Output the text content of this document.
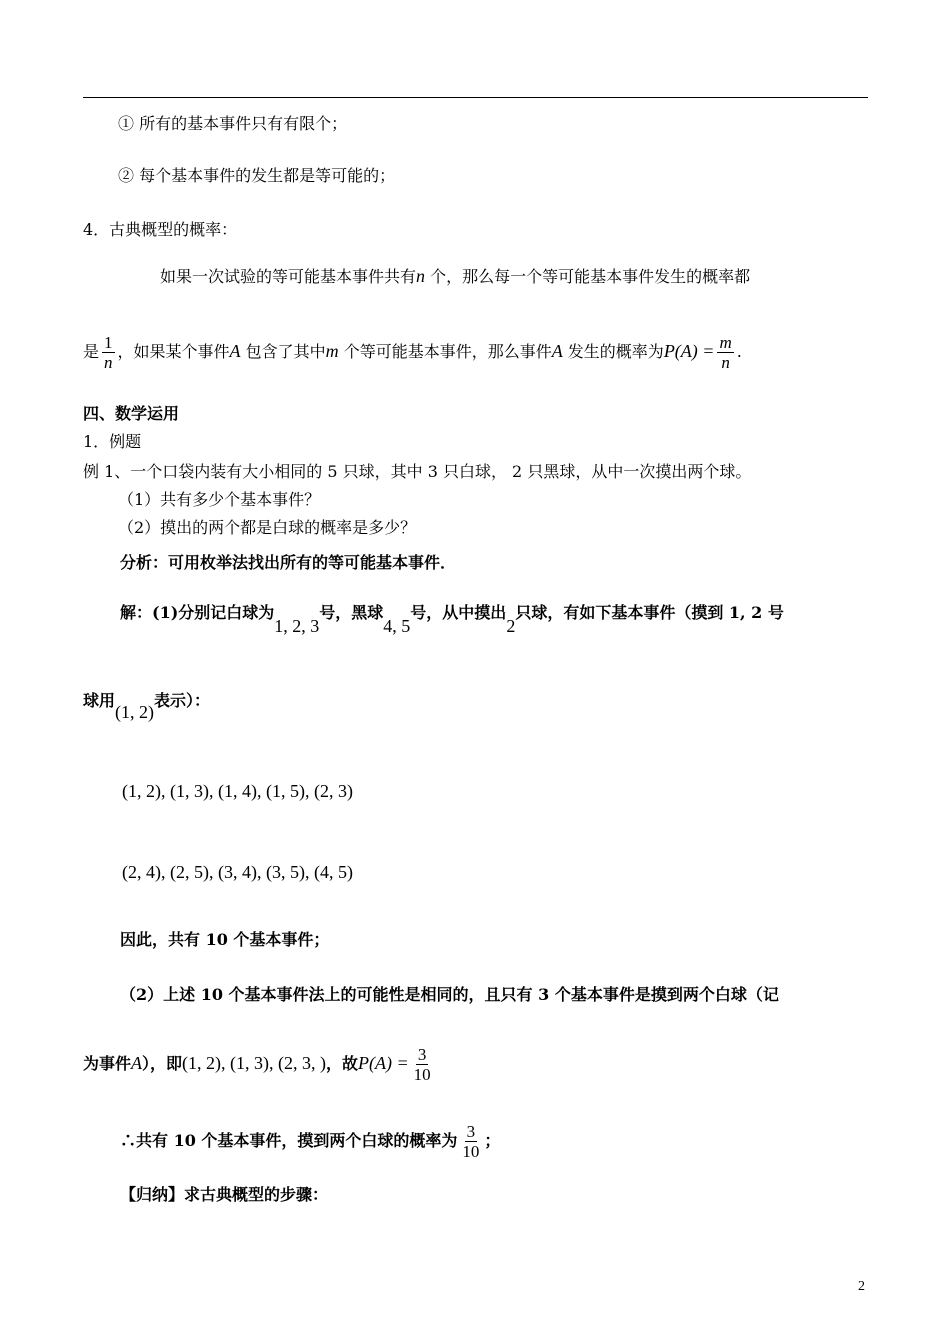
① 所有的基本事件只有有限个；
② 每个基本事件的发生都是等可能的；
4．古典概型的概率：
如果一次试验的等可能基本事件共有n 个，那么每一个等可能基本事件发生的概率都
是 $\frac{1}{n}$ ，如果某个事件A 包含了其中m 个等可能基本事件，那么事件A 发生的概率为$P(A) = \frac{m}{n}$ .
四、数学运用
1．例题
例 1、一个口袋内装有大小相同的 5 只球，其中 3 只白球， 2 只黑球，从中一次摸出两个球。
（1）共有多少个基本事件？
（2）摸出的两个都是白球的概率是多少？
分析：可用枚举法找出所有的等可能基本事件．
解：(1)分别记白球为1, 2, 3号，黑球4, 5号，从中摸出2只球，有如下基本事件（摸到 1, 2 号
球用(1, 2)表示）：
(1, 2), (1, 3), (1, 4), (1, 5), (2, 3)
(2, 4), (2, 5), (3, 4), (3, 5), (4, 5)
因此，共有 10 个基本事件；
（2）上述 10 个基本事件法上的可能性是相同的，且只有 3 个基本事件是摸到两个白球（记
为事件A），即(1, 2), (1, 3), (2, 3, )，故$P(A) = \frac{3}{10}$
∴共有 10 个基本事件，摸到两个白球的概率为 $\frac{3}{10}$ ；
【归纳】求古典概型的步骤：
2
